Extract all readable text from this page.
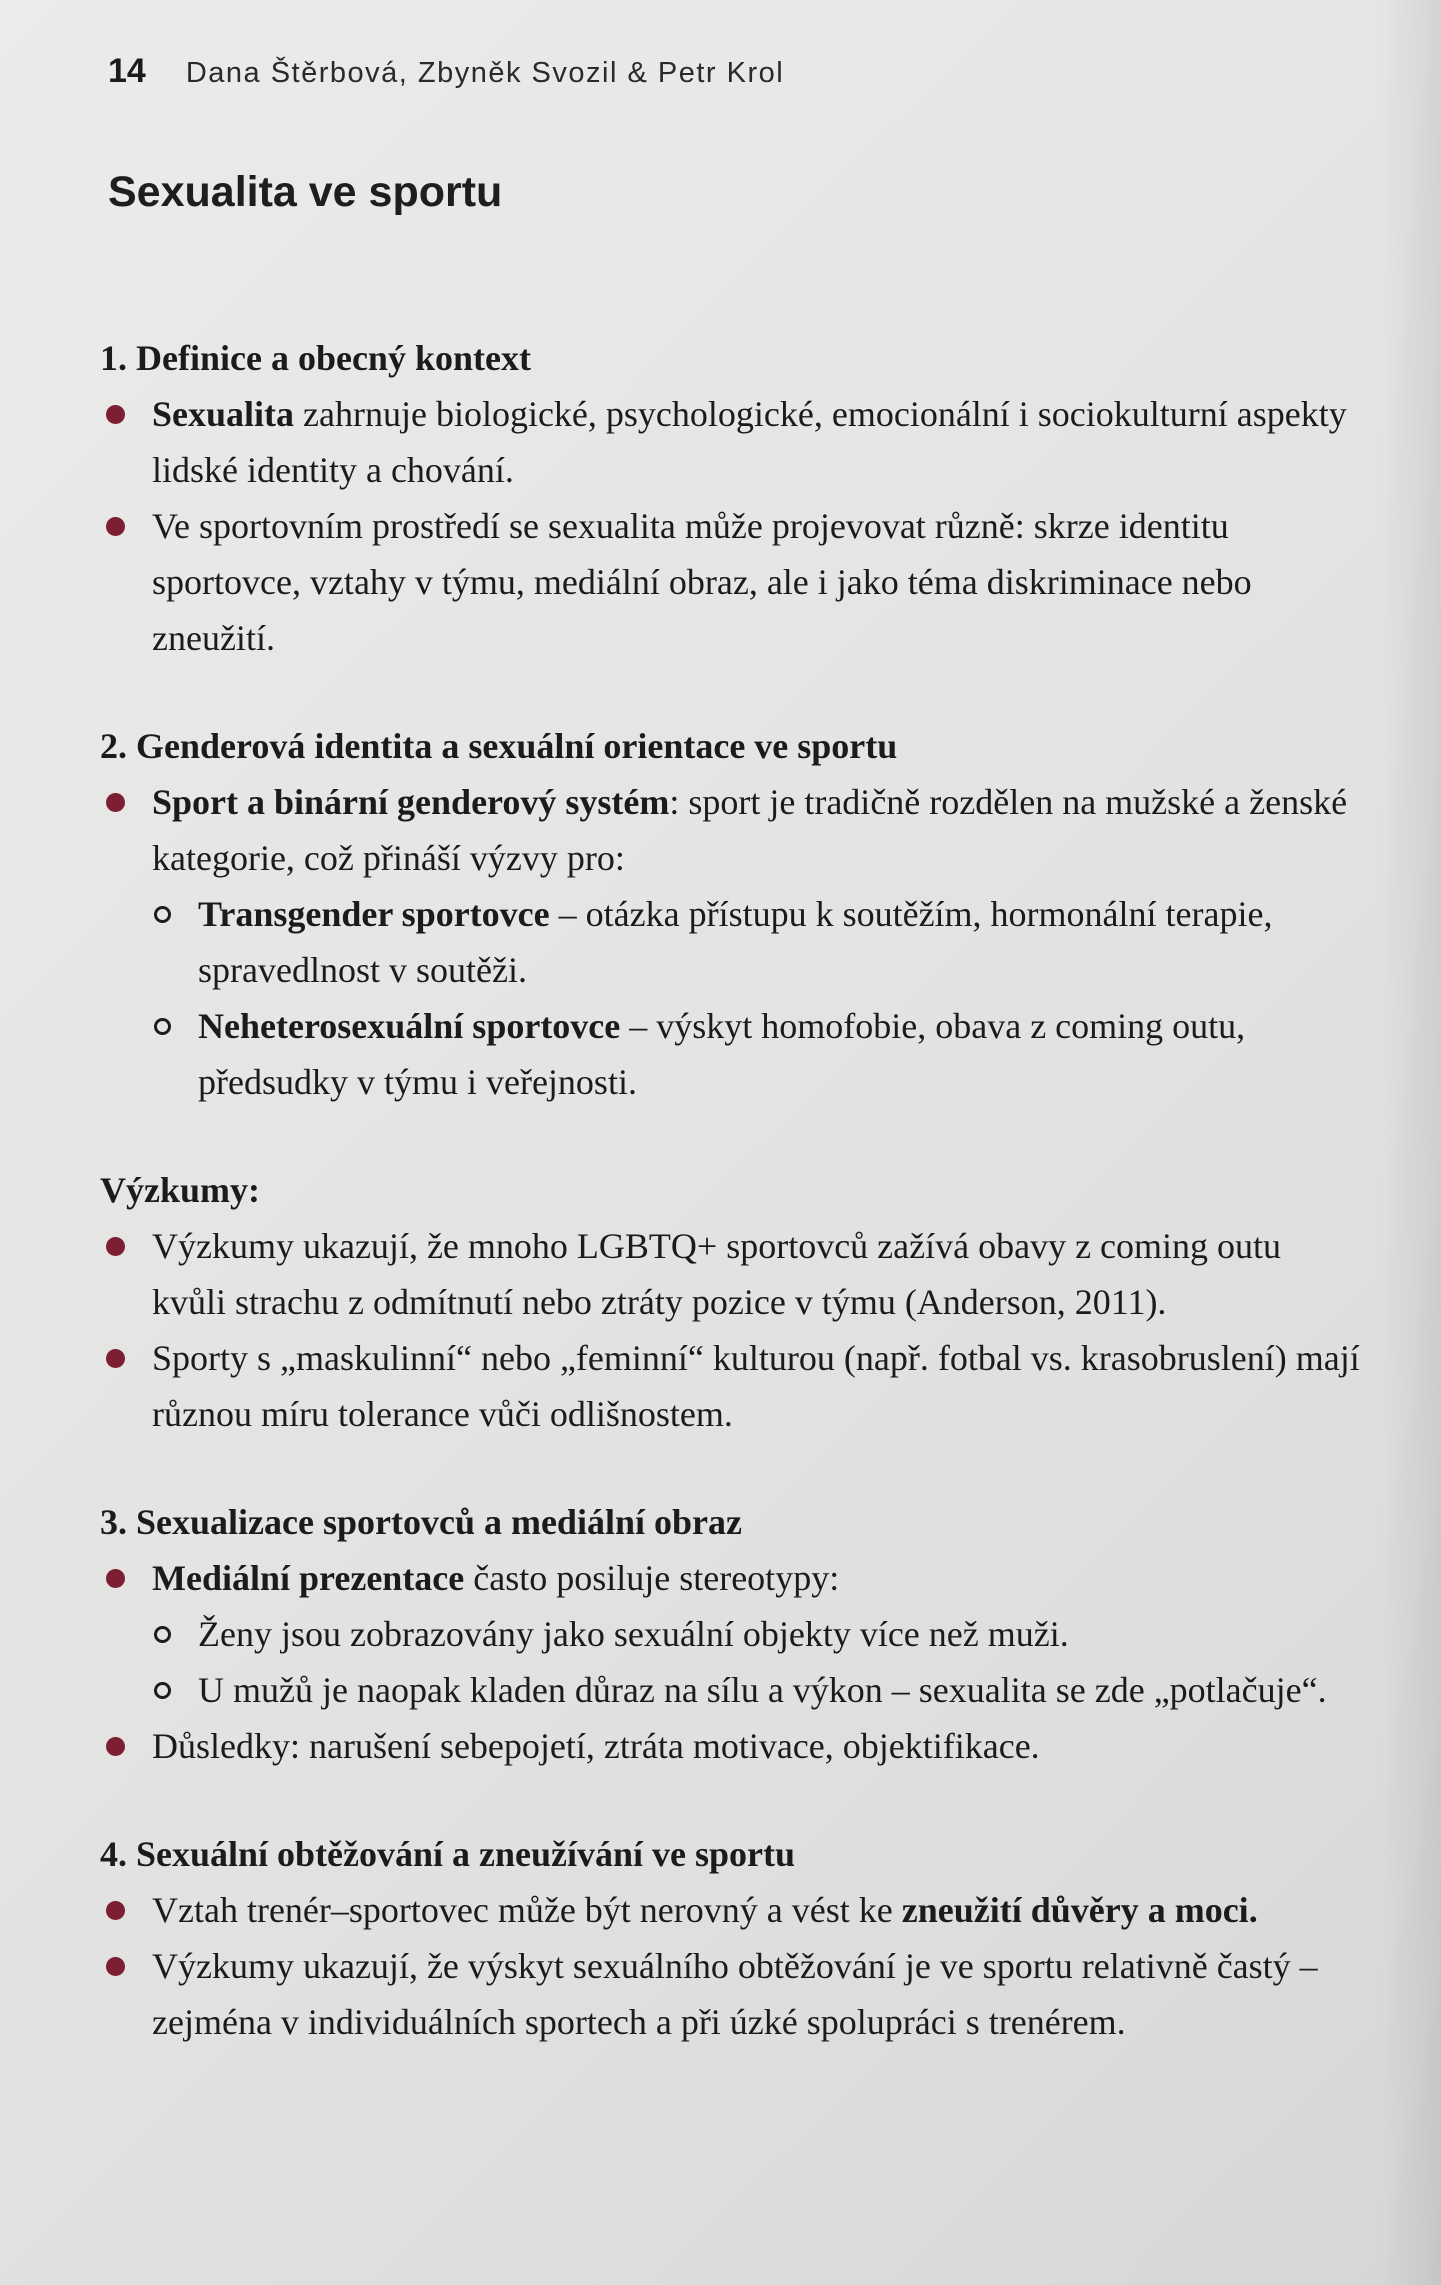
14 Dana Štěrbová, Zbyněk Svozil & Petr Krol
Sexualita ve sportu

1. Definice a obecný kontext

Sexualita zahrnuje biologické, psychologické, emocionální i sociokulturní aspekty lidské identity a chování.
Ve sportovním prostředí se sexualita může projevovat různě: skrze identitu sportovce, vztahy v týmu, mediální obraz, ale i jako téma diskriminace nebo zneužití.

2. Genderová identita a sexuální orientace ve sportu

Sport a binární genderový systém: sport je tradičně rozdělen na mužské a ženské kategorie, což přináší výzvy pro:
Transgender sportovce – otázka přístupu k soutěžím, hormonální terapie, spravedlnost v soutěži.
Neheterosexuální sportovce – výskyt homofobie, obava z coming outu, předsudky v týmu i veřejnosti.

Výzkumy:

Výzkumy ukazují, že mnoho LGBTQ+ sportovců zažívá obavy z coming outu kvůli strachu z odmítnutí nebo ztráty pozice v týmu (Anderson, 2011).
Sporty s „maskulinní“ nebo „feminní“ kulturou (např. fotbal vs. krasobruslení) mají různou míru tolerance vůči odlišnostem.

3. Sexualizace sportovců a mediální obraz

Mediální prezentace často posiluje stereotypy:
Ženy jsou zobrazovány jako sexuální objekty více než muži.
U mužů je naopak kladen důraz na sílu a výkon – sexualita se zde „potlačuje“.
Důsledky: narušení sebepojetí, ztráta motivace, objektifikace.

4. Sexuální obtěžování a zneužívání ve sportu

Vztah trenér–sportovec může být nerovný a vést ke zneužití důvěry a moci.
Výzkumy ukazují, že výskyt sexuálního obtěžování je ve sportu relativně častý – zejména v individuálních sportech a při úzké spolupráci s trenérem.
